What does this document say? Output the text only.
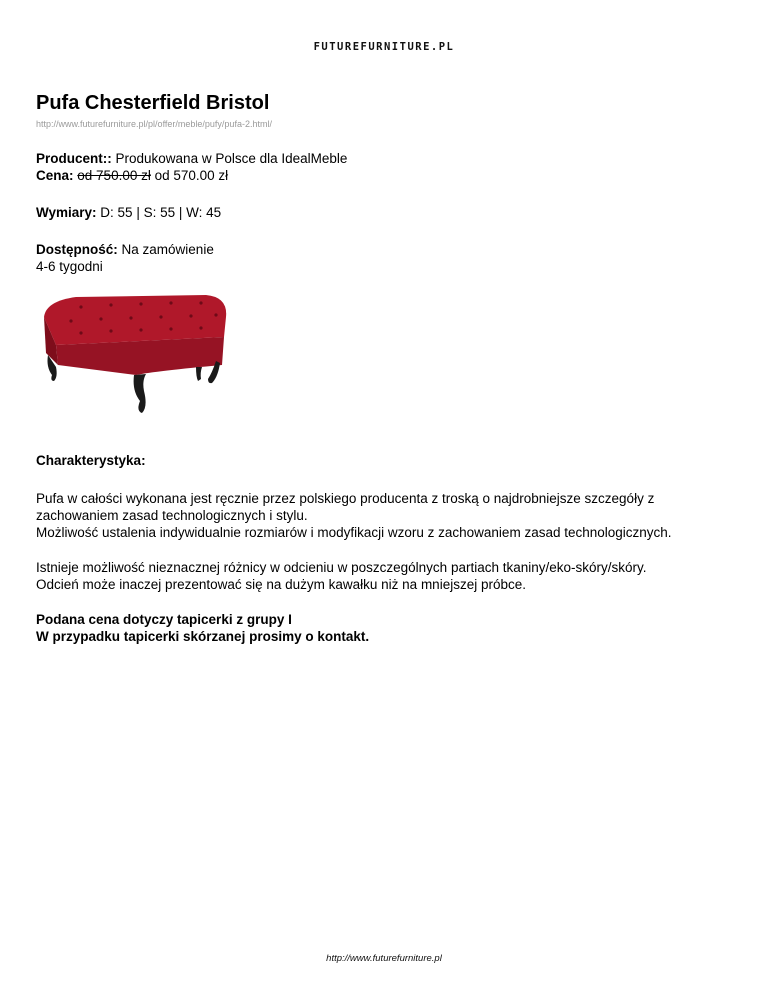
FUTUREFURNITURE.PL
Pufa Chesterfield Bristol
http://www.futurefurniture.pl/pl/offer/meble/pufy/pufa-2.html/
Producent:: Produkowana w Polsce dla IdealMeble
Cena: od 750.00 zł od 570.00 zł
Wymiary: D: 55 | S: 55 | W: 45
Dostępność: Na zamówienie
4-6 tygodni
Charakterystyka:
Pufa w całości wykonana jest ręcznie przez polskiego producenta z troską o najdrobniejsze szczegóły z
zachowaniem zasad technologicznych i stylu.
Możliwość ustalenia indywidualnie rozmiarów i modyfikacji wzoru z zachowaniem zasad technologicznych.
Istnieje możliwość nieznacznej różnicy w odcieniu w poszczególnych partiach tkaniny/eko-skóry/skóry.
Odcień może inaczej prezentować się na dużym kawałku niż na mniejszej próbce.
Podana cena dotyczy tapicerki z grupy I
W przypadku tapicerki skórzanej prosimy o kontakt.
http://www.futurefurniture.pl
